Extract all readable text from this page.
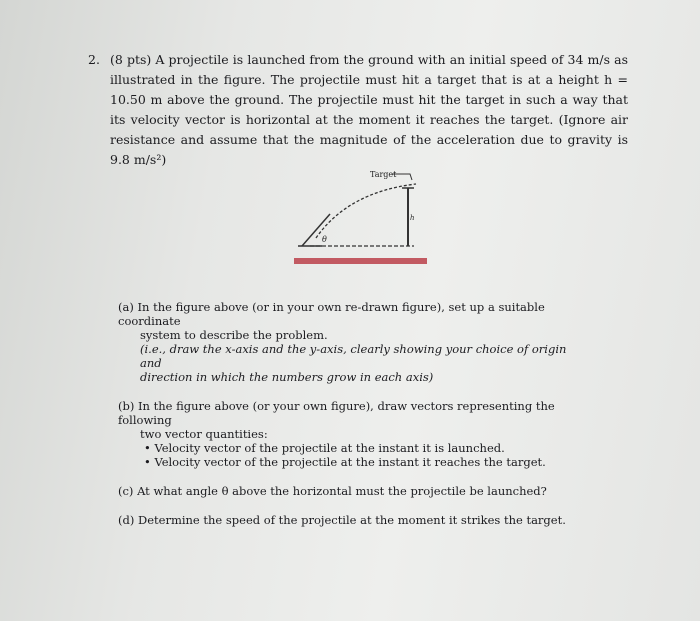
2. (8 pts) A projectile is launched from the ground with an initial speed of 34 m/s as illustrated in the figure. The projectile must hit a target that is at a height h = 10.50 m above the ground. The projectile must hit the target in such a way that its velocity vector is horizontal at the moment it reaches the target. (Ignore air resistance and assume that the magnitude of the acceleration due to gravity is 9.8 m/s²)
Target
h
θ
(a) In the figure above (or in your own re-drawn figure), set up a suitable coordinate
system to describe the problem.
(i.e., draw the x-axis and the y-axis, clearly showing your choice of origin and
direction in which the numbers grow in each axis)
(b) In the figure above (or your own figure), draw vectors representing the following
two vector quantities:
• Velocity vector of the projectile at the instant it is launched.
• Velocity vector of the projectile at the instant it reaches the target.
(c) At what angle θ above the horizontal must the projectile be launched?
(d) Determine the speed of the projectile at the moment it strikes the target.
